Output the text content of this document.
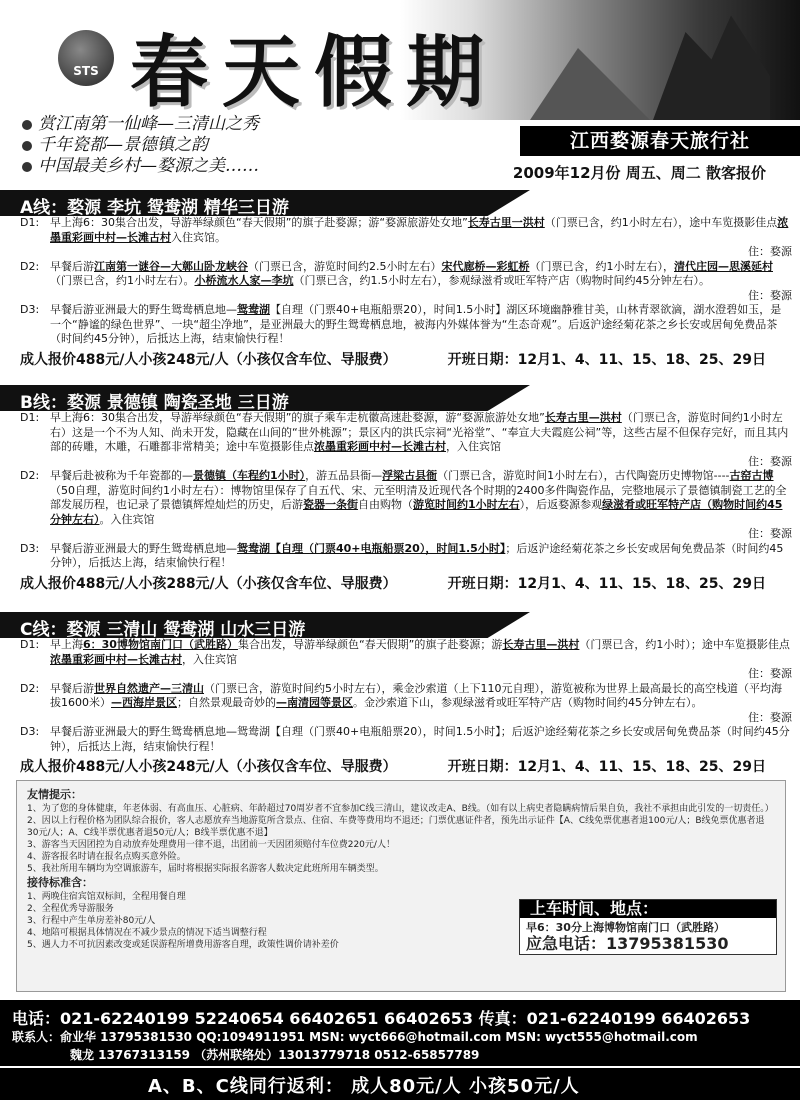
STS 春天假期
赏江南第一仙峰—三清山之秀
千年瓷都—景德镇之韵
中国最美乡村—婺源之美……
江西婺源春天旅行社
2009年12月份 周五、周二 散客报价
A线：婺源 李坑 鸳鸯湖 精华三日游
D1: 早上海6：30集合出发，导游举绿颜色“春天假期”的旗子赴婺源；游“婺源旅游处女地”长寿古里一洪村（门票已含，约1小时左右），途中车览摄影佳点浓墨重彩画中村—长滩古村入住宾馆。
住：婺源
D2: 早餐后游江南第一谜谷—大鄣山卧龙峡谷（门票已含，游览时间约2.5小时左右）宋代廊桥—彩虹桥（门票已含，约1小时左右），清代庄园—思溪延村（门票已含，约1小时左右）。小桥流水人家—李坑（门票已含，约1.5小时左右），参观绿滋肴或旺军特产店（购物时间约45分钟左右）。
住：婺源
D3: 早餐后游亚洲最大的野生鸳鸯栖息地—鸳鸯湖【自理（门票40+电瓶船票20），时间1.5小时】湖区环境幽静雅甘美，山林青翠欲滴，湖水澄碧如玉，是一个“静谧的绿色世界”、一块“超尘净地”，是亚洲最大的野生鸳鸯栖息地，被海内外媒体誉为“生态奇观”。后返沪途经菊花茶之乡长安或居甸免费品茶（时间约45分钟），后抵达上海，结束愉快行程！
成人报价488元/人小孩248元/人（小孩仅含车位、导服费）	开班日期：12月1、4、11、15、18、25、29日
B线：婺源 景德镇 陶瓷圣地 三日游
D1: 早上海6：30集合出发，导游举绿颜色“春天假期”的旗子乘车走杭徽高速赴婺源，游“婺源旅游处女地”长寿古里—洪村（门票已含，游览时间约1小时左右）这是一个不为人知、尚未开发，隐藏在山间的“世外桃源”；景区内的洪氏宗祠“光裕堂”、“奉宣大夫霞庭公祠”等，这些古屋不但保存完好，而且其内部的砖雕，木雕，石雕都非常精美；途中车览摄影佳点浓墨重彩画中村—长滩古村，入住宾馆
住：婺源
D2: 早餐后赴被称为千年瓷都的—景德镇（车程约1小时），游五品县衙—浮梁古县衙（门票已含，游览时间1小时左右），古代陶瓷历史博物馆----古窑古博（50自理，游览时间约1小时左右）：博物馆里保存了自五代、宋、元至明清及近现代各个时期的2400多件陶瓷作品，完整地展示了景德镇制瓷工艺的全部发展历程，也记录了景德镇辉煌灿烂的历史，后游瓷器一条街自由购物（游览时间约1小时左右），后返婺源参观绿滋肴或旺军特产店（购物时间约45分钟左右）。入住宾馆
住：婺源
D3: 早餐后游亚洲最大的野生鸳鸯栖息地—鸳鸯湖【自理（门票40+电瓶船票20），时间1.5小时】；后返沪途经菊花茶之乡长安或居甸免费品茶（时间约45分钟），后抵达上海，结束愉快行程！
成人报价488元/人小孩288元/人（小孩仅含车位、导服费）	开班日期：12月1、4、11、15、18、25、29日
C线：婺源 三清山 鸳鸯湖 山水三日游
D1: 早上海6：30博物馆南门口（武胜路）集合出发，导游举绿颜色“春天假期”的旗子赴婺源；游长寿古里—洪村（门票已含，约1小时）；途中车览摄影佳点浓墨重彩画中村—长滩古村，入住宾馆
住：婺源
D2: 早餐后游世界自然遗产—三清山（门票已含，游览时间约5小时左右），乘金沙索道（上下110元自理），游览被称为世界上最高最长的高空栈道（平均海拔1600米）—西海岸景区；自然景观最奇妙的—南清园等景区。金沙索道下山，参观绿滋肴或旺军特产店（购物时间约45分钟左右）。
住：婺源
D3: 早餐后游亚洲最大的野生鸳鸯栖息地—鸳鸯湖【自理（门票40+电瓶船票20），时间1.5小时】；后返沪途经菊花茶之乡长安或居甸免费品茶（时间约45分钟），后抵达上海，结束愉快行程！
成人报价488元/人小孩248元/人（小孩仅含车位、导服费）	开班日期：12月1、4、11、15、18、25、29日
友情提示：
1、为了您的身体健康，年老体弱、有高血压、心脏病、年龄超过70周岁者不宜参加C线三清山，建议改走A、B线。（如有以上病史者隐瞒病情后果自负，我社不承担由此引发的一切责任。）
2、因以上行程价格为团队综合报价，客人志愿放弃当地游览所含景点、住宿、车费等费用均不退还；门票优惠证件者，预先出示证件【A、C线免票优惠者退100元/人；B线免票优惠者退30元/人；A、C线半票优惠者退50元/人；B线半票优惠不退】
3、游客当天因团控为自动放弃处理费用一律不退，出团前一天因团须赔付车位费220元/人！
4、游客报名时请在报名点购买意外险。
5、我社所用车辆均为空调旅游车，届时将根据实际报名游客人数决定此班所用车辆类型。
接待标准含：
1、两晚住宿宾馆双标间，全程用餐自理
2、全程优秀导游服务
3、行程中产生单房差补80元/人
4、地陪可根据具体情况在不减少景点的情况下适当调整行程
5、遇人力不可抗因素改变或延误游程所增费用游客自理，政策性调价请补差价
上车时间、地点：
早6：30分上海博物馆南门口（武胜路）
应急电话：13795381530
电话：021-62240199 52240654 66402651 66402653 传真：021-62240199 66402653
联系人：俞业华 13795381530 QQ:1094911951 MSN: wyct666@hotmail.com MSN: wyct555@hotmail.com
魏龙 13767313159 （苏州联络处）13013779718 0512-65857789
A、B、C线同行返利： 成人80元/人 小孩50元/人
